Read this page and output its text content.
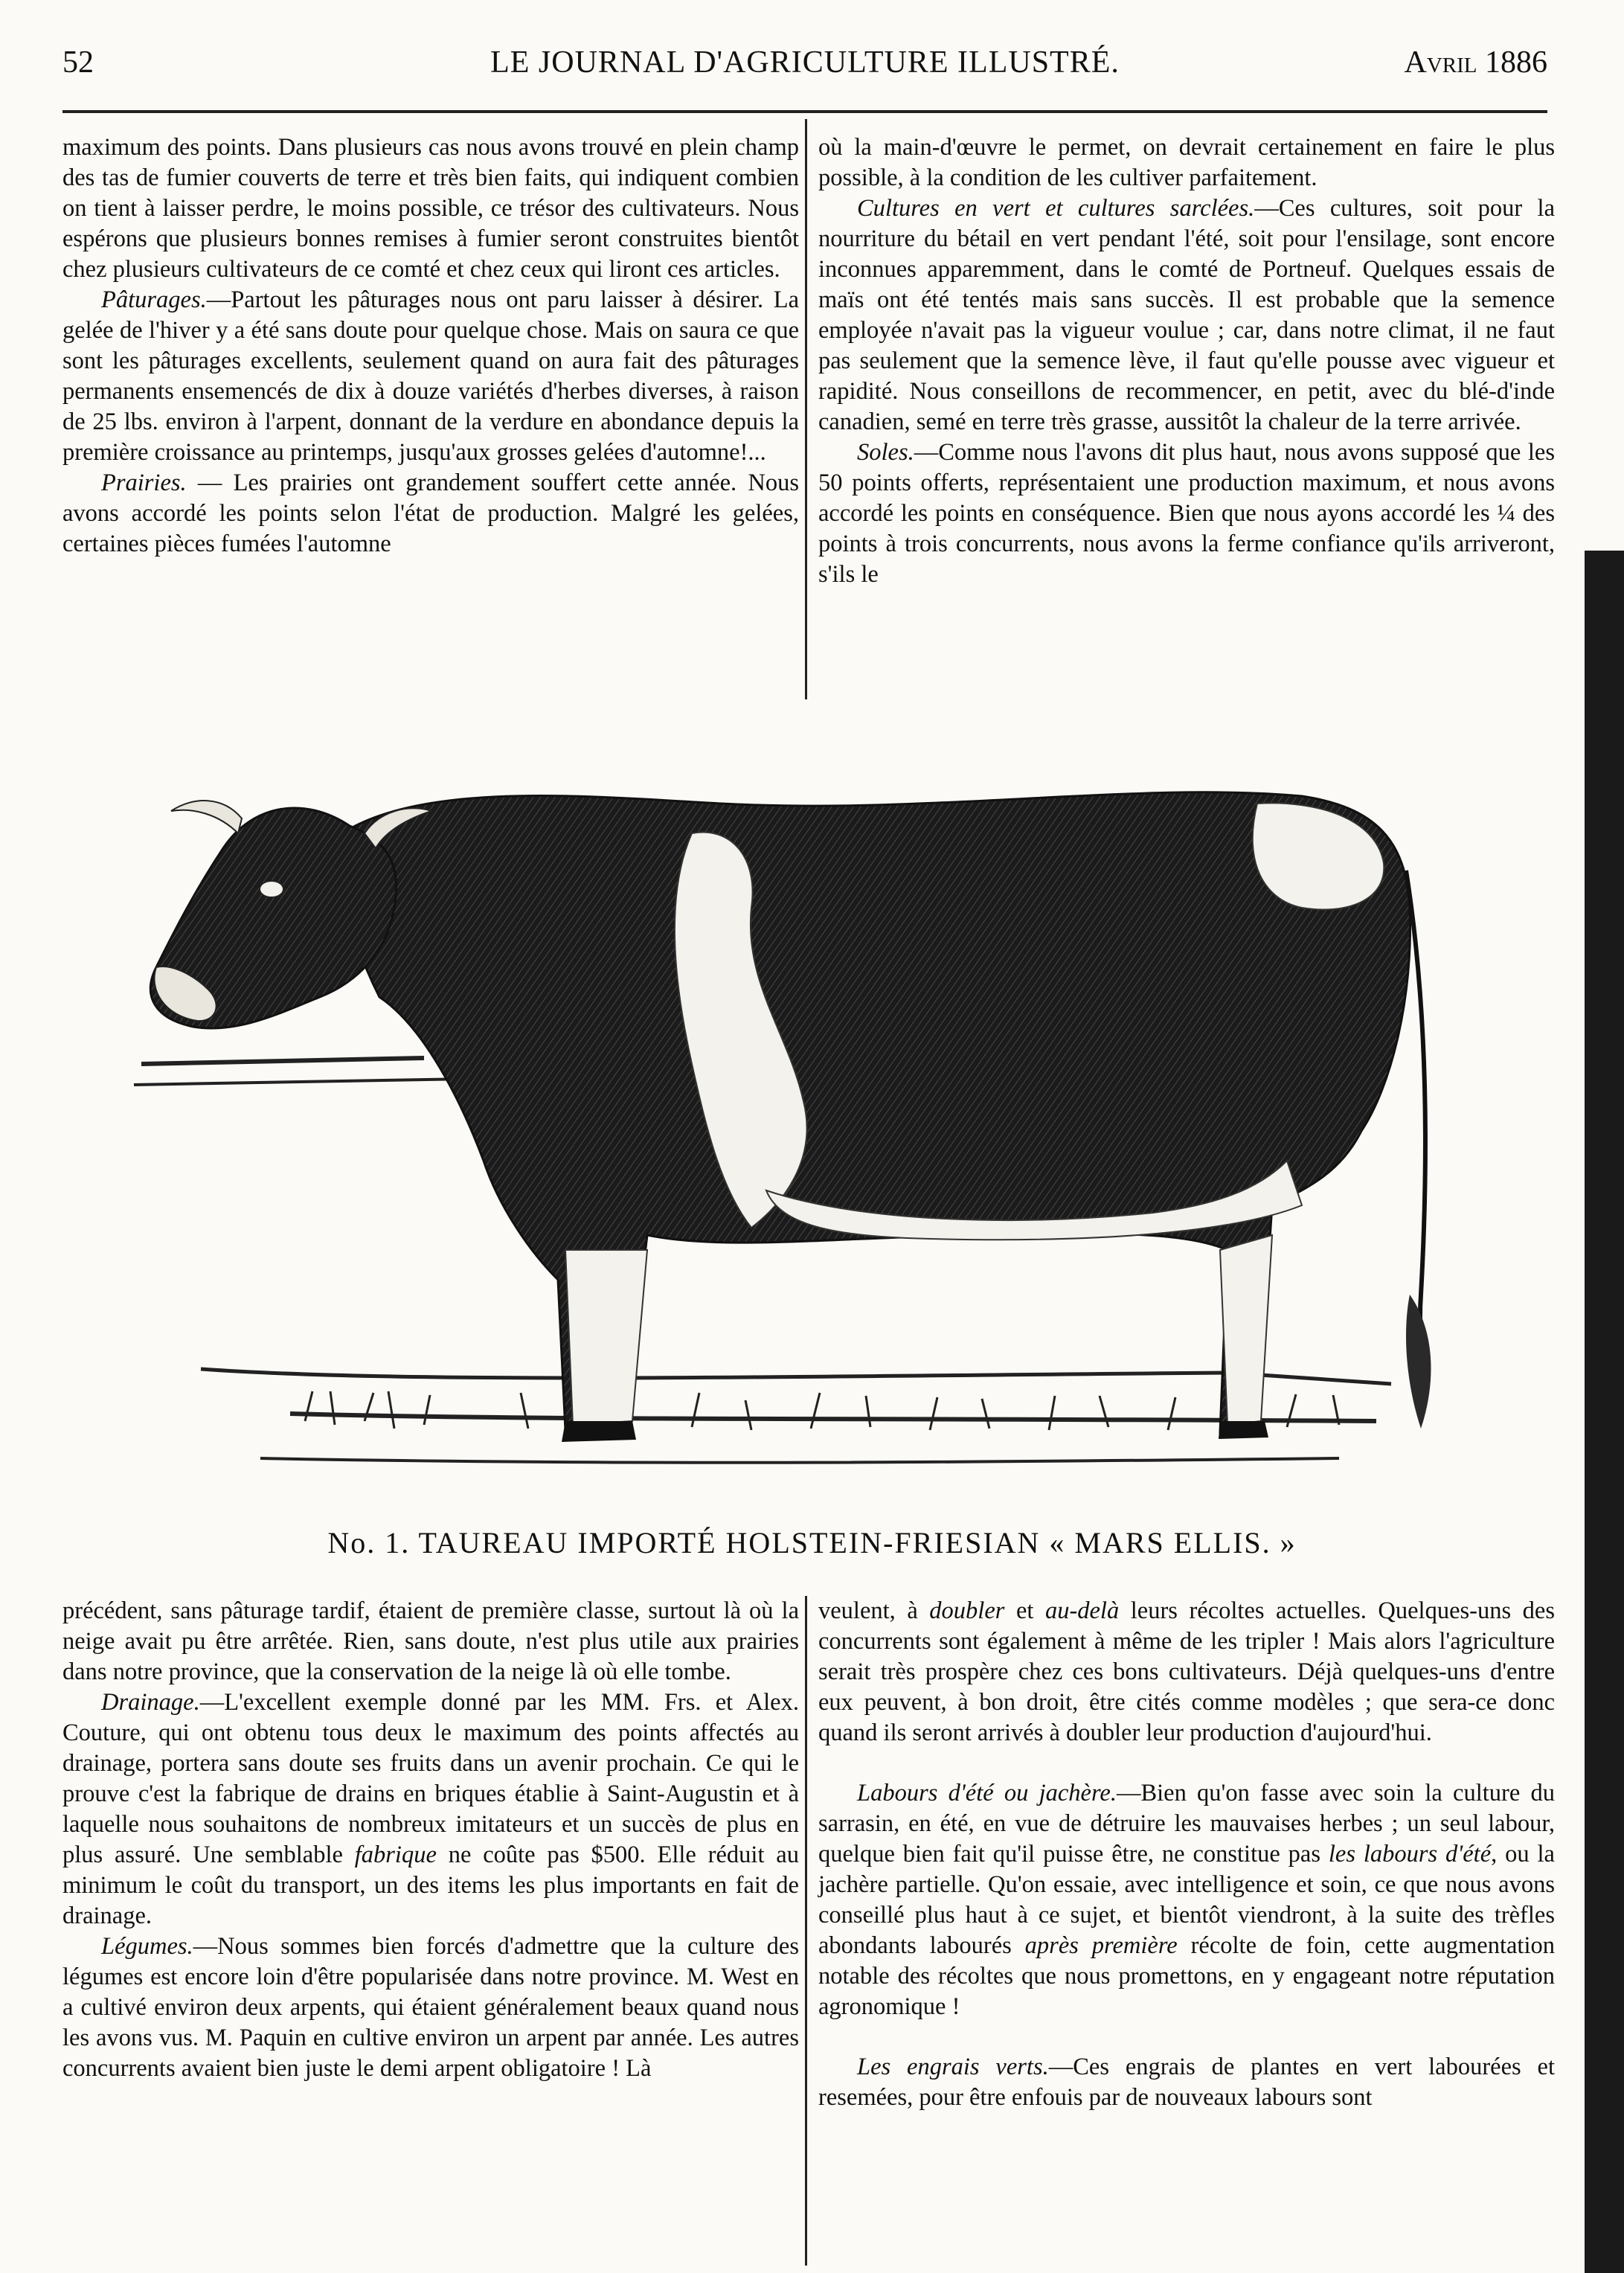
52	LE JOURNAL D'AGRICULTURE ILLUSTRÉ.	Avril 1886

maximum des points. Dans plusieurs cas nous avons trouvé en plein champ des tas de fumier couverts de terre et très bien faits, qui indiquent combien on tient à laisser perdre, le moins possible, ce trésor des cultivateurs. Nous espérons que plusieurs bonnes remises à fumier seront construites bientôt chez plusieurs cultivateurs de ce comté et chez ceux qui liront ces articles.

Pâturages.—Partout les pâturages nous ont paru laisser à désirer. La gelée de l'hiver y a été sans doute pour quelque chose. Mais on saura ce que sont les pâturages excellents, seulement quand on aura fait des pâturages permanents ensemencés de dix à douze variétés d'herbes diverses, à raison de 25 lbs. environ à l'arpent, donnant de la verdure en abondance depuis la première croissance au printemps, jusqu'aux grosses gelées d'automne!...

Prairies. — Les prairies ont grandement souffert cette année. Nous avons accordé les points selon l'état de production. Malgré les gelées, certaines pièces fumées l'automne

où la main-d'œuvre le permet, on devrait certainement en faire le plus possible, à la condition de les cultiver parfaitement.

Cultures en vert et cultures sarclées.—Ces cultures, soit pour la nourriture du bétail en vert pendant l'été, soit pour l'ensilage, sont encore inconnues apparemment, dans le comté de Portneuf. Quelques essais de maïs ont été tentés mais sans succès. Il est probable que la semence employée n'avait pas la vigueur voulue ; car, dans notre climat, il ne faut pas seulement que la semence lève, il faut qu'elle pousse avec vigueur et rapidité. Nous conseillons de recommencer, en petit, avec du blé-d'inde canadien, semé en terre très grasse, aussitôt la chaleur de la terre arrivée.

Soles.—Comme nous l'avons dit plus haut, nous avons supposé que les 50 points offerts, représentaient une production maximum, et nous avons accordé les points en conséquence. Bien que nous ayons accordé les ¼ des points à trois concurrents, nous avons la ferme confiance qu'ils arriveront, s'ils le

No. 1. TAUREAU IMPORTÉ HOLSTEIN-FRIESIAN « MARS ELLIS. »

précédent, sans pâturage tardif, étaient de première classe, surtout là où la neige avait pu être arrêtée. Rien, sans doute, n'est plus utile aux prairies dans notre province, que la conservation de la neige là où elle tombe.

Drainage.—L'excellent exemple donné par les MM. Frs. et Alex. Couture, qui ont obtenu tous deux le maximum des points affectés au drainage, portera sans doute ses fruits dans un avenir prochain. Ce qui le prouve c'est la fabrique de drains en briques établie à Saint-Augustin et à laquelle nous souhaitons de nombreux imitateurs et un succès de plus en plus assuré. Une semblable fabrique ne coûte pas $500. Elle réduit au minimum le coût du transport, un des items les plus importants en fait de drainage.

Légumes.—Nous sommes bien forcés d'admettre que la culture des légumes est encore loin d'être popularisée dans notre province. M. West en a cultivé environ deux arpents, qui étaient généralement beaux quand nous les avons vus. M. Paquin en cultive environ un arpent par année. Les autres concurrents avaient bien juste le demi arpent obligatoire ! Là

veulent, à doubler et au-delà leurs récoltes actuelles. Quelques-uns des concurrents sont également à même de les tripler ! Mais alors l'agriculture serait très prospère chez ces bons cultivateurs. Déjà quelques-uns d'entre eux peuvent, à bon droit, être cités comme modèles ; que sera-ce donc quand ils seront arrivés à doubler leur production d'aujourd'hui.

Labours d'été ou jachère.—Bien qu'on fasse avec soin la culture du sarrasin, en été, en vue de détruire les mauvaises herbes ; un seul labour, quelque bien fait qu'il puisse être, ne constitue pas les labours d'été, ou la jachère partielle. Qu'on essaie, avec intelligence et soin, ce que nous avons conseillé plus haut à ce sujet, et bientôt viendront, à la suite des trèfles abondants labourés après première récolte de foin, cette augmentation notable des récoltes que nous promettons, en y engageant notre réputation agronomique !

Les engrais verts.—Ces engrais de plantes en vert labourées et resemées, pour être enfouis par de nouveaux labours sont
